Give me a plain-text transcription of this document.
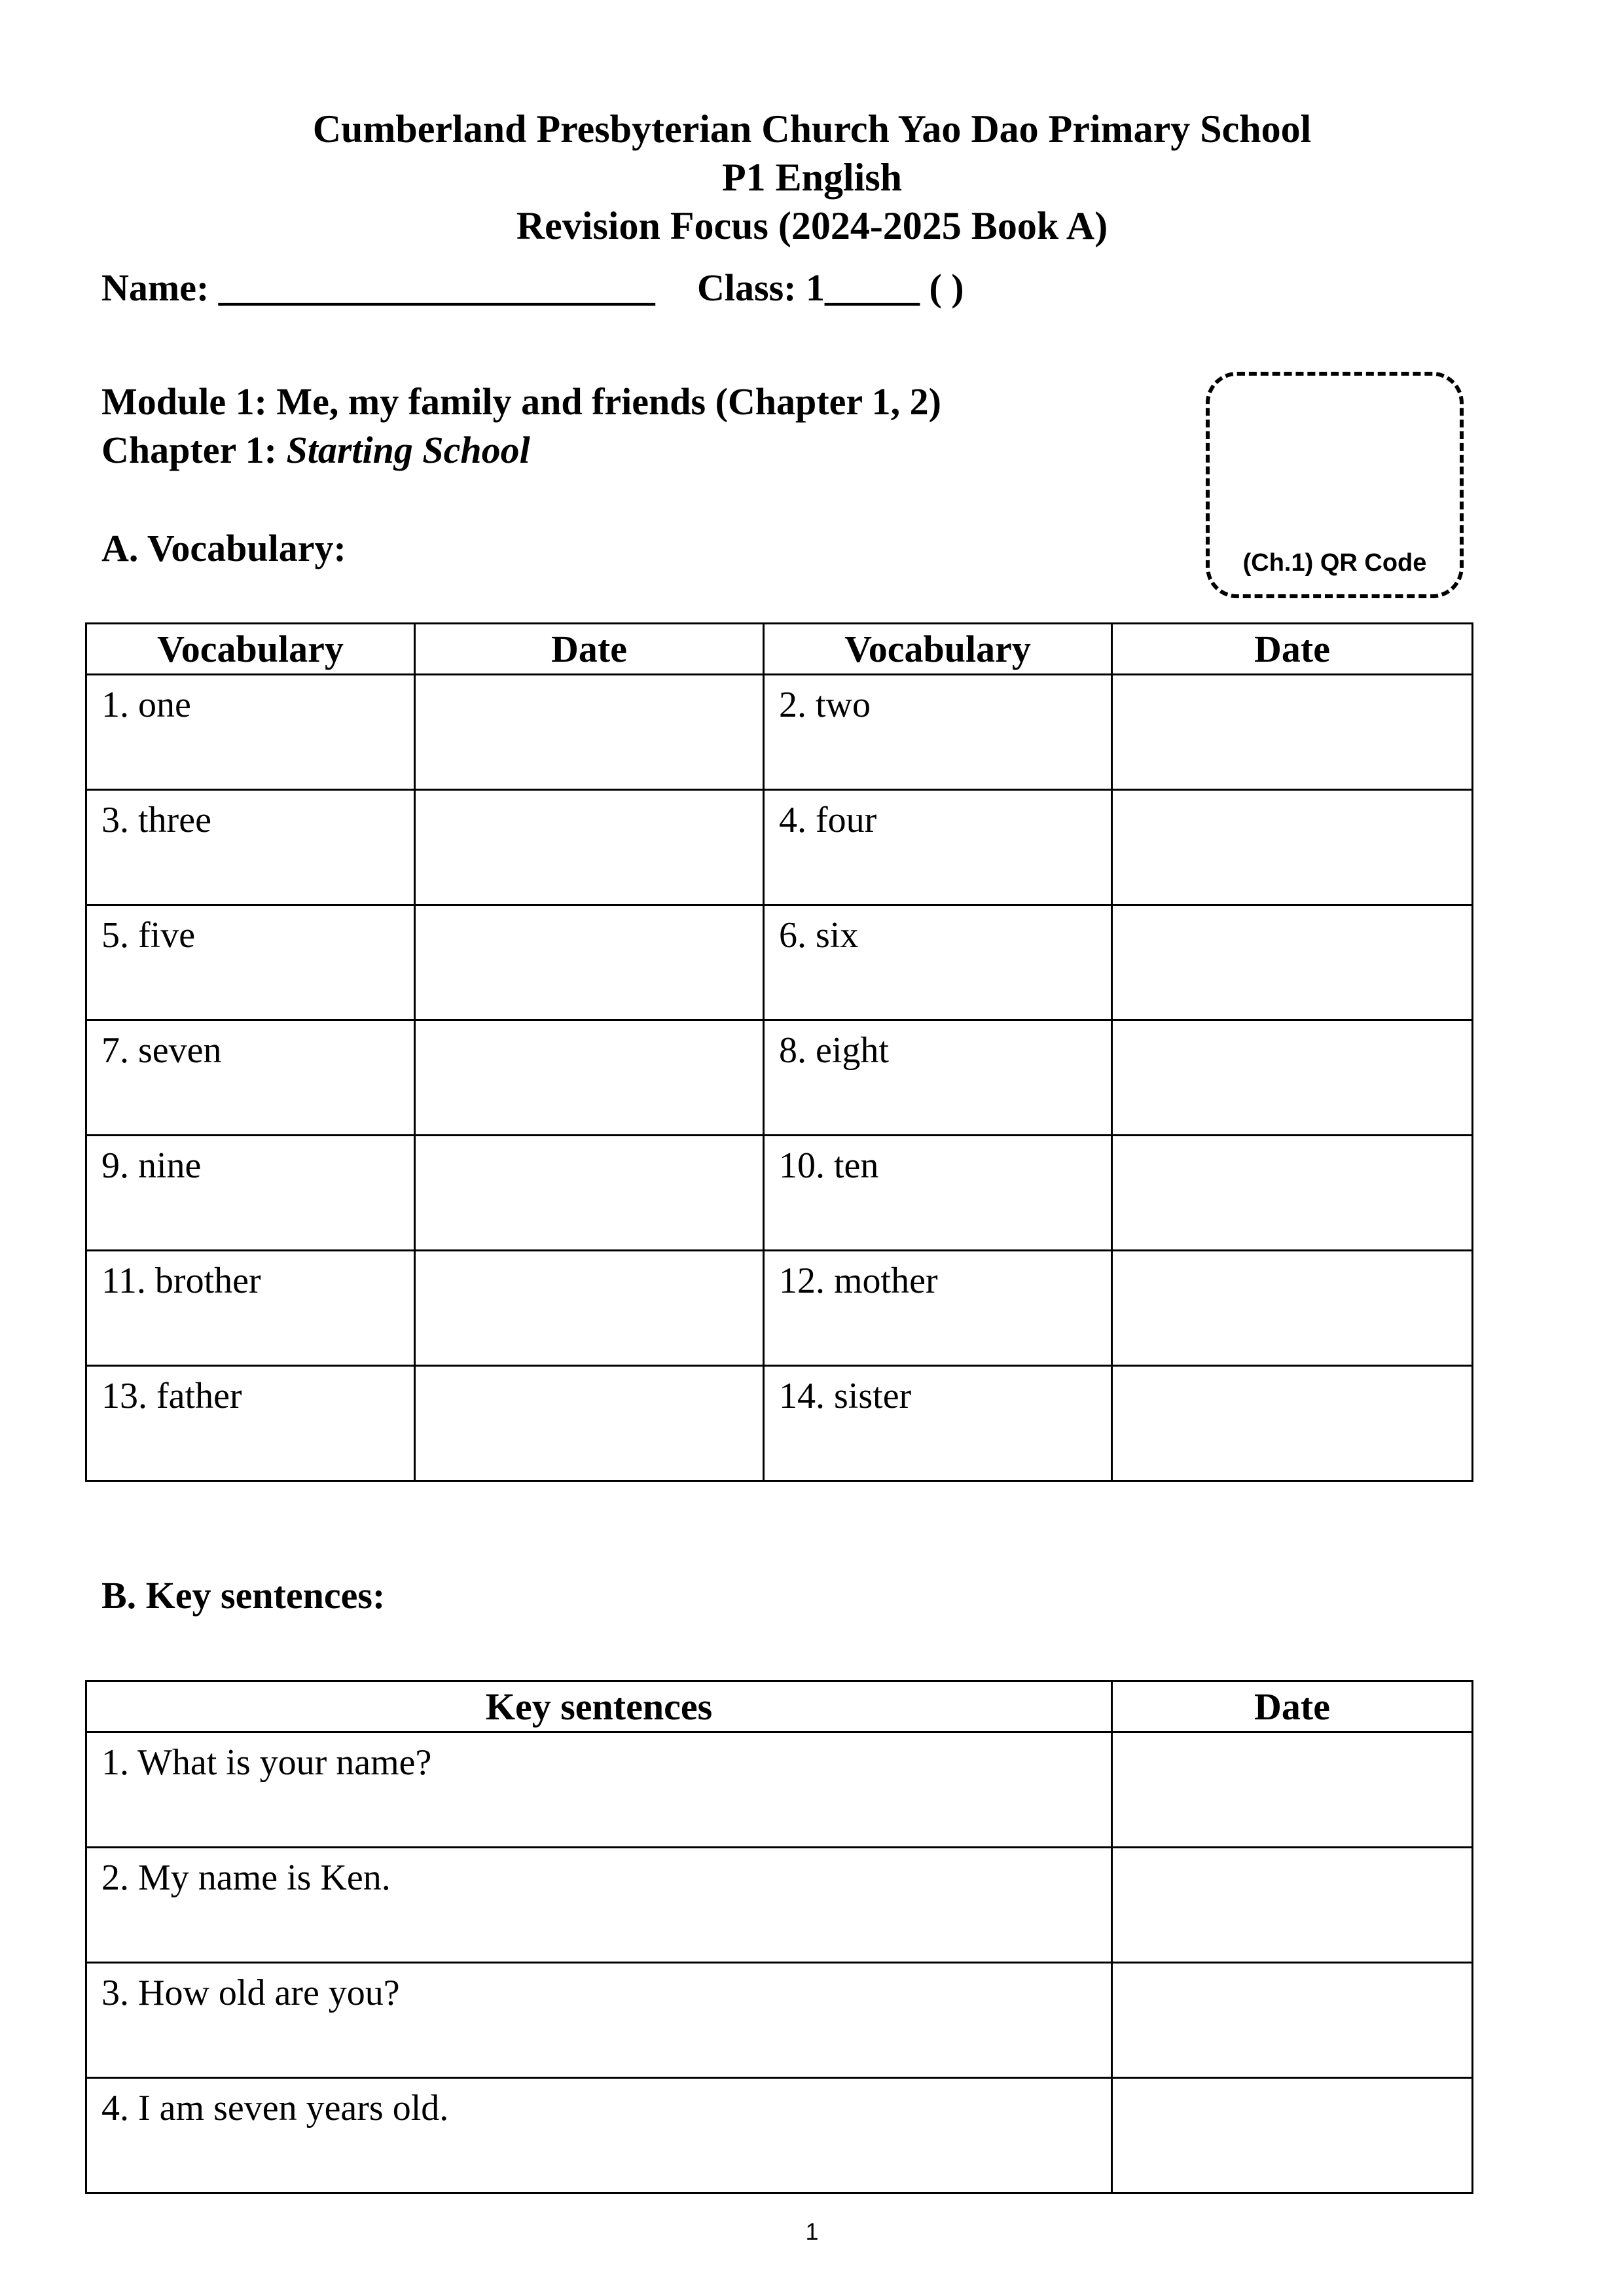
Cumberland Presbyterian Church Yao Dao Primary School
P1 English
Revision Focus (2024-2025 Book A)
Name: _______________________ Class: 1_____ ( )
Module 1: Me, my family and friends (Chapter 1, 2)
Chapter 1: Starting School
(Ch.1) QR Code
A. Vocabulary:
Vocabulary	Date	Vocabulary	Date
1. one		2. two	
3. three		4. four	
5. five		6. six	
7. seven		8. eight	
9. nine		10. ten	
11. brother		12. mother	
13. father		14. sister	
B. Key sentences:
Key sentences	Date
1. What is your name?	
2. My name is Ken.	
3. How old are you?	
4. I am seven years old.	
1
